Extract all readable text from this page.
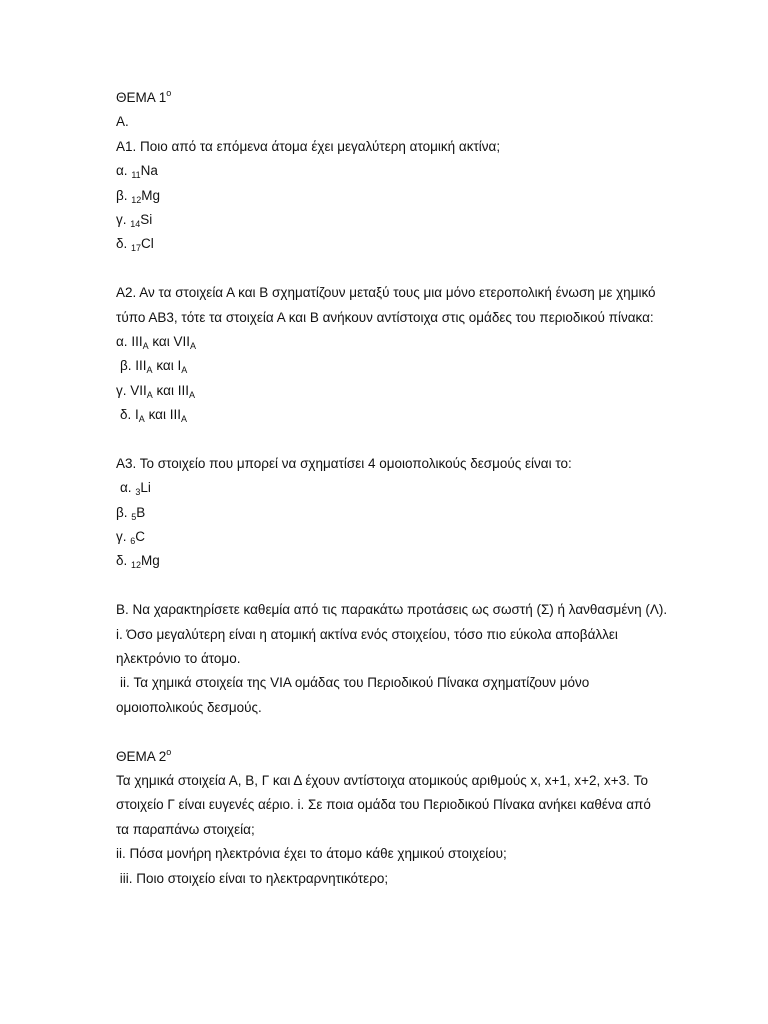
ΘΕΜΑ $1^o$
Α.
Α1. Ποιο από τα επόμενα άτομα έχει μεγαλύτερη ατομική ακτίνα;
α. $_{11}$Na
β. $_{12}$Mg
γ. $_{14}$Si
δ. $_{17}$Cl
Α2. Αν τα στοιχεία Α και Β σχηματίζουν μεταξύ τους μια μόνο ετεροπολική ένωση με χημικό
τύπο ΑΒ3, τότε τα στοιχεία Α και Β ανήκουν αντίστοιχα στις ομάδες του περιοδικού πίνακα:
α. $III_A$ και $VII_A$
β. $III_A$ και $I_A$
γ. $VII_A$ και $III_A$
δ. $I_A$ και $III_A$
Α3. Το στοιχείο που μπορεί να σχηματίσει 4 ομοιοπολικούς δεσμούς είναι το:
α. $_3$Li
β. $_5$B
γ. $_6$C
δ. $_{12}$Mg
Β. Να χαρακτηρίσετε καθεμία από τις παρακάτω προτάσεις ως σωστή (Σ) ή λανθασμένη (Λ).
i. Όσο μεγαλύτερη είναι η ατομική ακτίνα ενός στοιχείου, τόσο πιο εύκολα αποβάλλει
ηλεκτρόνιο το άτομο.
ii. Τα χημικά στοιχεία της VIA ομάδας του Περιοδικού Πίνακα σχηματίζουν μόνο
ομοιοπολικούς δεσμούς.
ΘΕΜΑ $2^o$
Τα χημικά στοιχεία Α, Β, Γ και Δ έχουν αντίστοιχα ατομικούς αριθμούς x, x+1, x+2, x+3. Το
στοιχείο Γ είναι ευγενές αέριο. i. Σε ποια ομάδα του Περιοδικού Πίνακα ανήκει καθένα από
τα παραπάνω στοιχεία;
ii. Πόσα μονήρη ηλεκτρόνια έχει το άτομο κάθε χημικού στοιχείου;
iii. Ποιο στοιχείο είναι το ηλεκτραρνητικότερο;
